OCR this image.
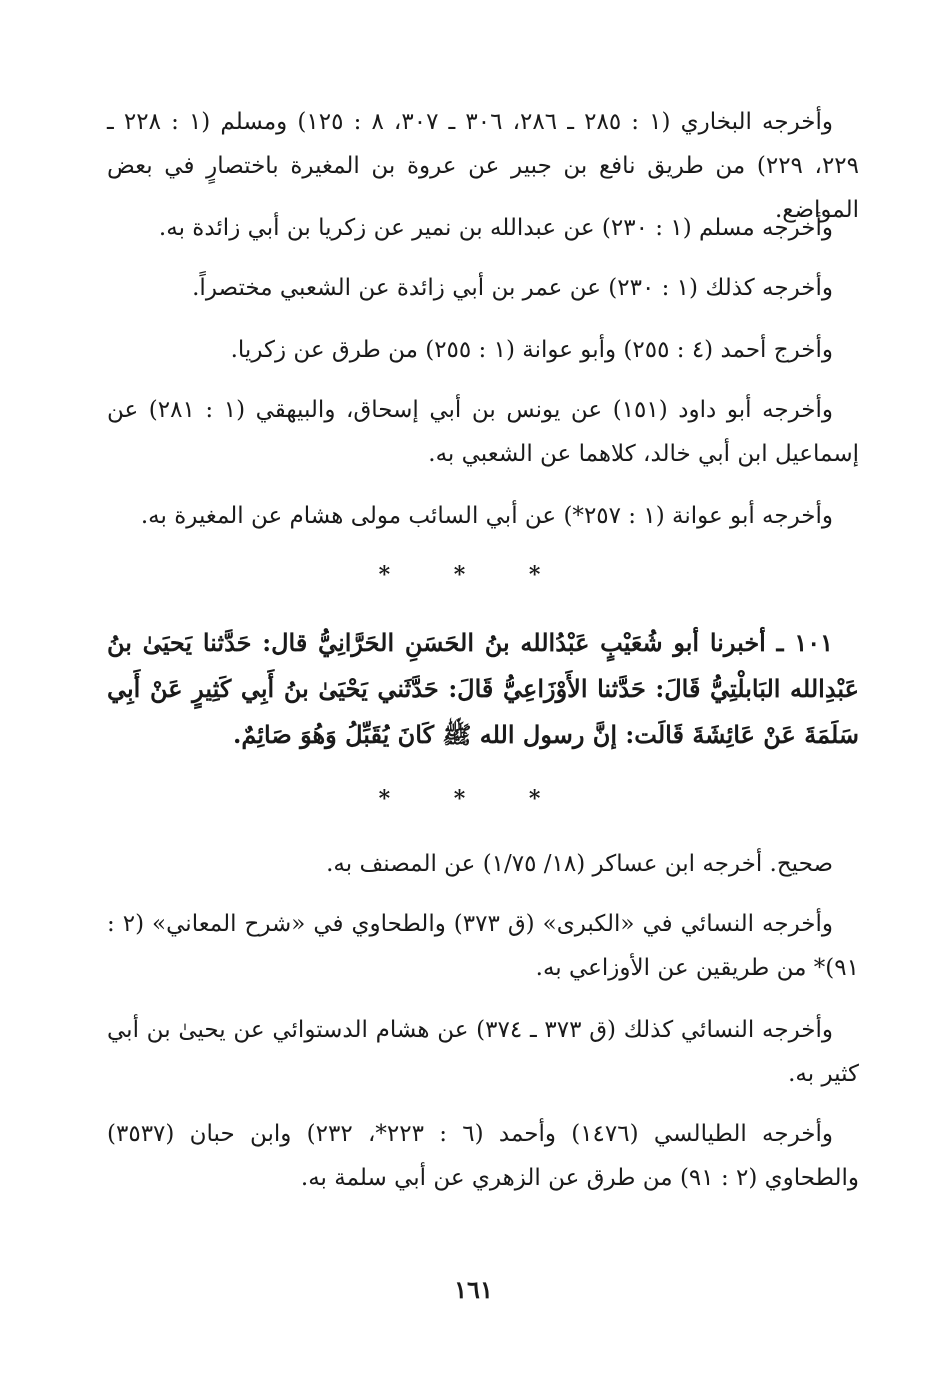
وأخرجه البخاري (١ : ٢٨٥ ـ ٢٨٦، ٣٠٦ ـ ٣٠٧، ٨ : ١٢٥) ومسلم (١ : ٢٢٨ ـ ٢٢٩، ٢٢٩) من طريق نافع بن جبير عن عروة بن المغيرة باختصارٍ في بعض المواضع.

وأخرجه مسلم (١ : ٢٣٠) عن عبدالله بن نمير عن زكريا بن أبي زائدة به.

وأخرجه كذلك (١ : ٢٣٠) عن عمر بن أبي زائدة عن الشعبي مختصراً.

وأخرج أحمد (٤ : ٢٥٥) وأبو عوانة (١ : ٢٥٥) من طرق عن زكريا.

وأخرجه أبو داود (١٥١) عن يونس بن أبي إسحاق، والبيهقي (١ : ٢٨١) عن إسماعيل ابن أبي خالد، كلاهما عن الشعبي به.

وأخرجه أبو عوانة (١ : ٢٥٧*) عن أبي السائب مولى هشام عن المغيرة به.

* * *

١٠١ ـ أخبرنا أبو شُعَيْبٍ عَبْدُالله بنُ الحَسَنِ الحَرَّانِيُّ قال: حَدَّثنا يَحيَىٰ بنُ عَبْدِالله البَابلْتِيُّ قَالَ: حَدَّثنا الأَوْزَاعِيُّ قَالَ: حَدَّثَني يَحْيَىٰ بنُ أَبِي كَثِيرٍ عَنْ أَبِي سَلَمَةَ عَنْ عَائِشَةَ قَالَت: إنَّ رسول الله ﷺ كَانَ يُقَبِّلُ وَهُوَ صَائِمٌ.

* * *

صحيح. أخرجه ابن عساكر (١٨/ ١/٧٥) عن المصنف به.

وأخرجه النسائي في «الكبرى» (ق ٣٧٣) والطحاوي في «شرح المعاني» (٢ : ٩١)* من طريقين عن الأوزاعي به.

وأخرجه النسائي كذلك (ق ٣٧٣ ـ ٣٧٤) عن هشام الدستوائي عن يحيىٰ بن أبي كثير به.

وأخرجه الطيالسي (١٤٧٦) وأحمد (٦ : ٢٢٣*، ٢٣٢) وابن حبان (٣٥٣٧) والطحاوي (٢ : ٩١) من طرق عن الزهري عن أبي سلمة به.

١٦١
